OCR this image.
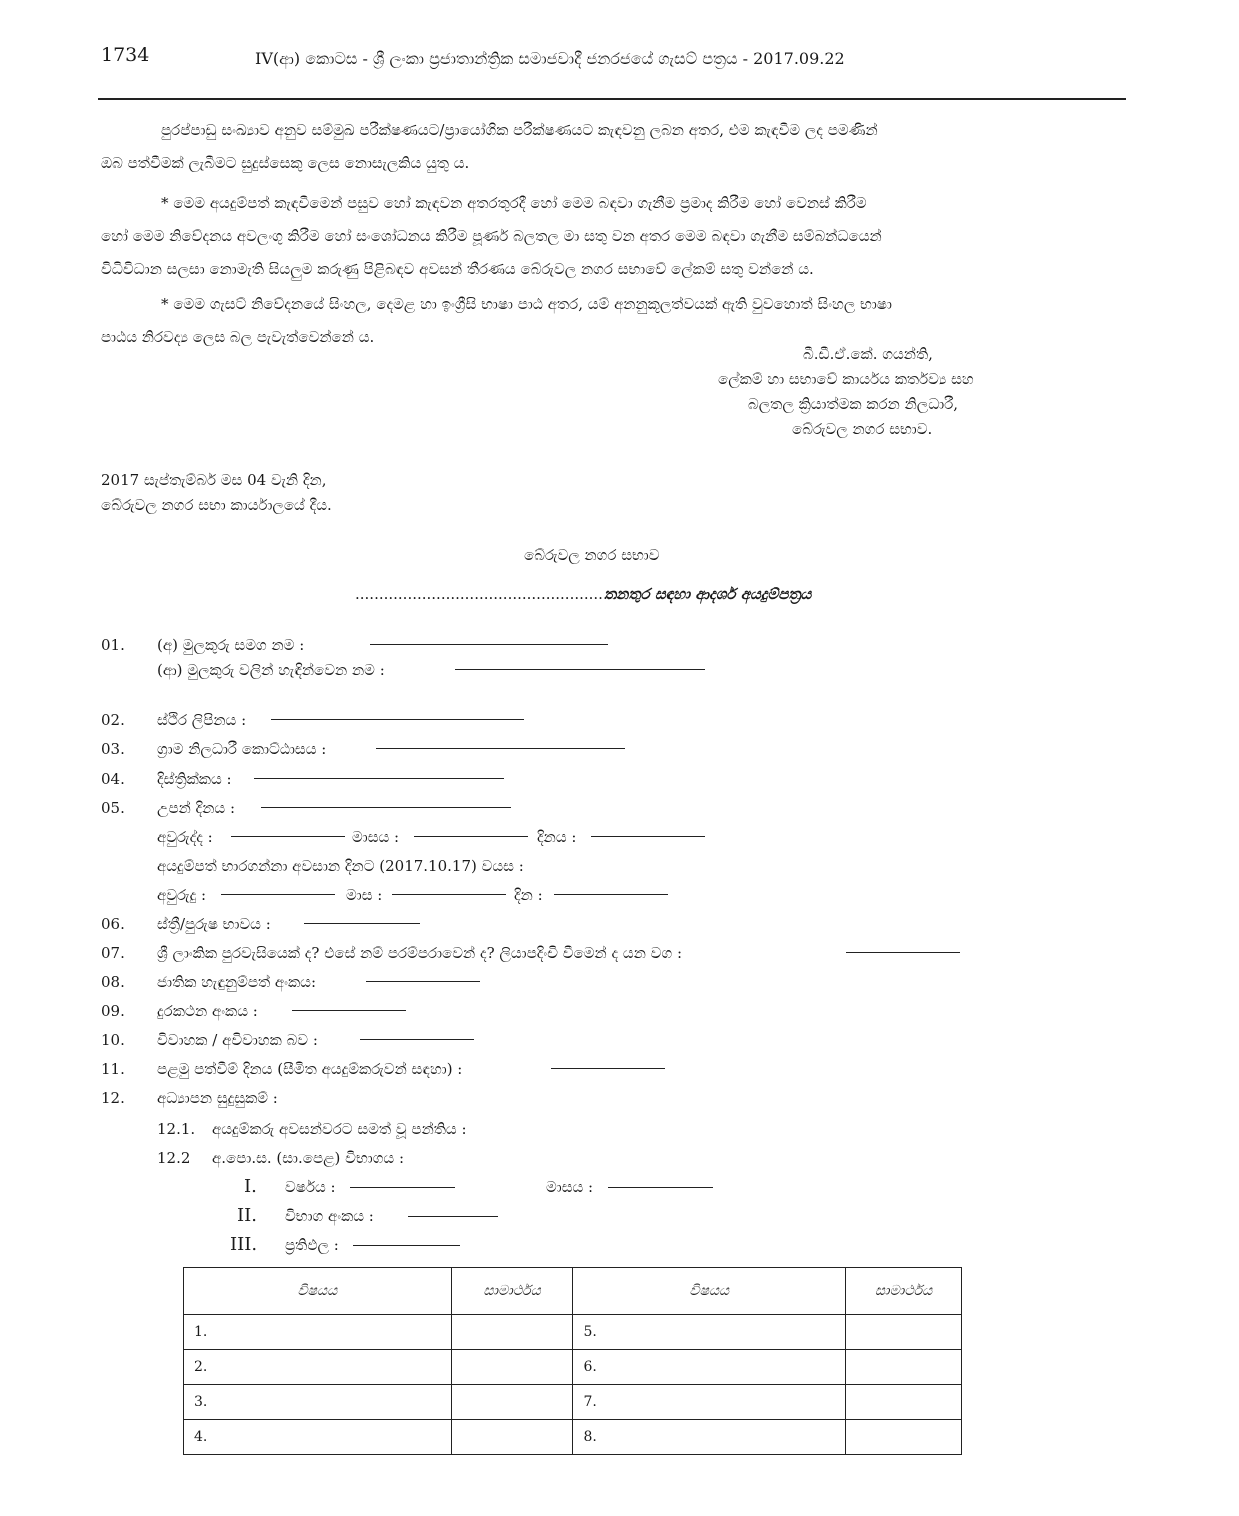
1734	IV(ආ) කොටස - ශ්‍රී ලංකා ප්‍රජාතාන්ත්‍රික සමාජවාදී ජනරජයේ ගැසට් පත්‍රය - 2017.09.22
පුරප්පාඩු සංඛ්‍යාව අනුව සම්මුඛ පරීක්ෂණයට/ප්‍රායෝගික පරීක්ෂණයට කැඳවනු ලබන අතර, එම කැඳවීම ලද පමණින්
ඔබ පත්වීමක් ලැබීමට සුදුස්සෙකු ලෙස නොසැලකිය යුතු ය.
* මෙම අයදුම්පත් කැඳවීමෙන් පසුව හෝ කැඳවන අතරතුරදී හෝ මෙම බඳවා ගැනීම ප්‍රමාද කිරීම හෝ වෙනස් කිරීම
හෝ මෙම නිවේදනය අවලංගු කිරීම හෝ සංශෝධනය කිරීම පූර්ණ බලතල මා සතු වන අතර මෙම බඳවා ගැනීම සම්බන්ධයෙන්
විධිවිධාන සලසා නොමැති සියලුම කරුණු පිළිබඳව අවසන් තීරණය බේරුවල නගර සභාවේ ලේකම් සතු වන්නේ ය.
* මෙම ගැසට් නිවේදනයේ සිංහල, දෙමළ හා ඉංග්‍රීසි භාෂා පාඨ අතර, යම් අනනුකූලත්වයක් ඇති වුවහොත් සිංහල භාෂා
පාඨය නිරවද්‍ය ලෙස බල පැවැත්වෙන්නේ ය.
බී.ඩී.ඒ.කේ. ගයන්ති,
ලේකම් හා සභාවේ කාර්යය කර්තව්‍ය සහ
බලතල ක්‍රියාත්මක කරන නිලධාරී,
බේරුවල නගර සභාව.
2017 සැප්තැම්බර් මස 04 වැනි දින,
බේරුවල නගර සභා කාර්යාලයේ දීය.
බේරුවල නගර සභාව
........................................................
තනතුර සඳහා ආදර්ශ අයදුම්පත්‍රය
01. (අ) මුලකුරු සමග නම :
(ආ) මුලකුරු වලින් හැඳින්වෙන නම :
02. ස්ථිර ලිපිනය :
03. ග්‍රාම නිලධාරී කොට්ඨාසය :
04. දිස්ත්‍රික්කය :
05. උපන් දිනය :
අවුරුද්ද :	මාසය :	දිනය :
අයදුම්පත් භාරගන්නා අවසාන දිනට (2017.10.17) වයස :
අවුරුදු :	මාස :	දින :
06. ස්ත්‍රී/පුරුෂ භාවය :
07. ශ්‍රී ලාංකික පුරවැසියෙක් ද? එසේ නම් පරම්පරාවෙන් ද? ලියාපදිංචි වීමෙන් ද යන වග :
08. ජාතික හැඳුනුම්පත් අංකය:
09. දුරකථන අංකය :
10. විවාහක / අවිවාහක බව :
11. පළමු පත්වීම් දිනය (සීමිත අයදුම්කරුවන් සඳහා) :
12. අධ්‍යාපන සුදුසුකම් :
12.1. අයදුම්කරු අවසන්වරට සමත් වූ පන්තිය :
12.2 අ.පො.ස. (සා.පෙළ) විභාගය :
I. වර්ෂය :	මාසය :
II. විභාග අංකය :
III. ප්‍රතිඵල :
විෂයය	සාමාර්ථය	විෂයය	සාමාර්ථය
1.		5.	
2.		6.	
3.		7.	
4.		8.	
